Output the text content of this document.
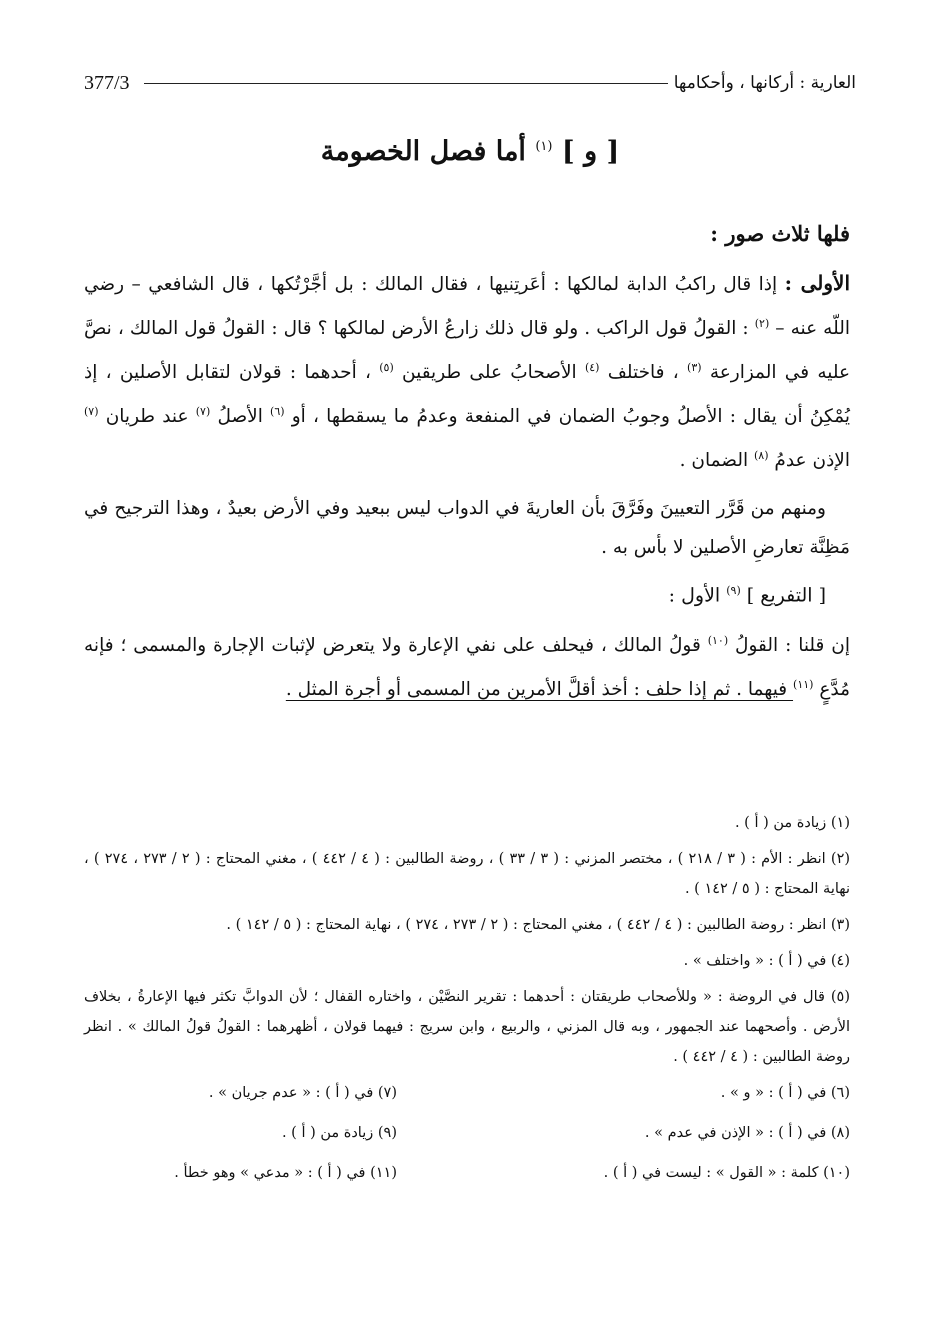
377/3	العارية : أركانها ، وأحكامها
[ و ] $^{(١)}$ أما فصل الخصومة
فلها ثلاث صور :

الأولى : إذا قال راكبُ الدابة لمالكها : أعَرتِنيها ، فقال المالك : بل أجَّرْتُكها ، قال الشافعي – رضي اللّه عنه – $^{(٢)}$ : القولُ قول الراكب . ولو قال ذلك زارعُ الأرض لمالكها ؟ قال : القولُ قول المالك ، نصَّ عليه في المزارعة $^{(٣)}$ ، فاختلف $^{(٤)}$ الأصحابُ على طريقين $^{(٥)}$ ، أحدهما : قولان لتقابل الأصلين ، إذ يُمْكِنُ أن يقال : الأصلُ وجوبُ الضمان في المنفعة وعدمُ ما يسقطها ، أو $^{(٦)}$ الأصلُ $^{(٧)}$ عند طريان $^{(٧)}$ الإذن عدمُ $^{(٨)}$ الضمان .

ومنهم من قَرَّر التعيينَ وفَرَّقَ بأن العاريةَ في الدواب ليس ببعيد وفي الأرض بعيدٌ ، وهذا الترجيح في مَظِنَّة تعارضِ الأصلين لا بأس به .

[ التفريع ] $^{(٩)}$ الأول :

إن قلنا : القولُ $^{(١٠)}$ قولُ المالك ، فيحلف على نفي الإعارة ولا يتعرض لإثبات الإجارة والمسمى ؛ فإنه مُدَّعٍ $^{(١١)}$ فيهما . ثم إذا حلف : أخذ أقلَّ الأمرين من المسمى أو أجرة المثل .

(١) زيادة من ( أ ) .

(٢) انظر : الأم : ( ٣ / ٢١٨ ) ، مختصر المزني : ( ٣ / ٣٣ ) ، روضة الطالبين : ( ٤ / ٤٤٢ ) ، مغني المحتاج : ( ٢ / ٢٧٣ ، ٢٧٤ ) ، نهاية المحتاج : ( ٥ / ١٤٢ ) .

(٣) انظر : روضة الطالبين : ( ٤ / ٤٤٢ ) ، مغني المحتاج : ( ٢ / ٢٧٣ ، ٢٧٤ ) ، نهاية المحتاج : ( ٥ / ١٤٢ ) .

(٤) في ( أ ) : « واختلف » .

(٥) قال في الروضة : « وللأصحاب طريقتان : أحدهما : تقرير النصَّيْن ، واختاره القفال ؛ لأن الدوابَّ تكثر فيها الإعارةُ ، بخلاف الأرض . وأصحهما عند الجمهور ، وبه قال المزني ، والربيع ، وابن سريج : فيهما قولان ، أظهرهما : القولُ قولُ المالك » . انظر روضة الطالبين : ( ٤ / ٤٤٢ ) .

(٦) في ( أ ) : « و » .
(٧) في ( أ ) : « عدم جريان » .
(٨) في ( أ ) : « الإذن في عدم » .
(٩) زيادة من ( أ ) .
(١٠) كلمة : « القول » : ليست في ( أ ) .
(١١) في ( أ ) : « مدعي » وهو خطأ .
